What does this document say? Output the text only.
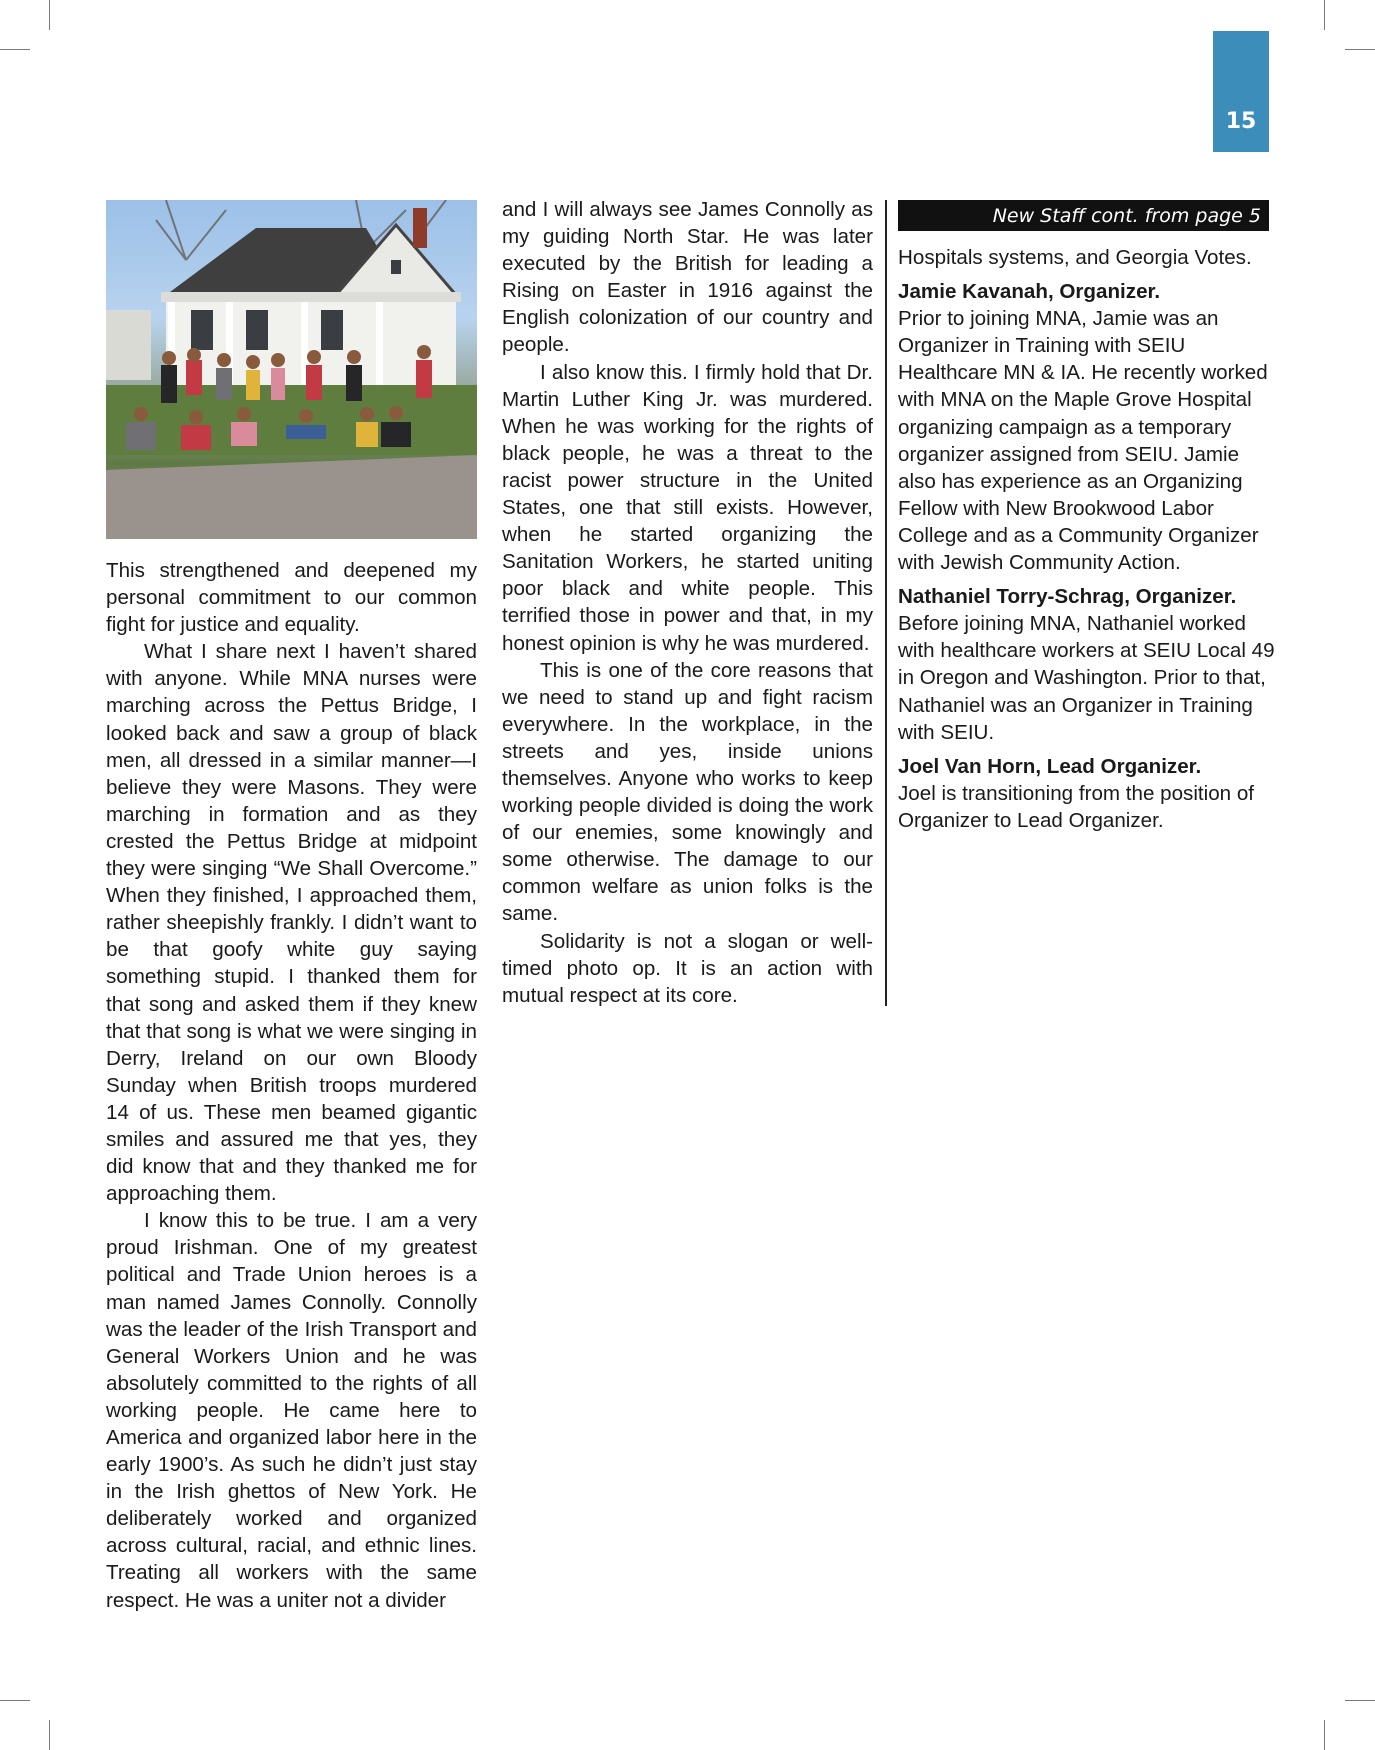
15

This strengthened and deepened my personal commitment to our common fight for justice and equality.

What I share next I haven’t shared with anyone. While MNA nurses were marching across the Pettus Bridge, I looked back and saw a group of black men, all dressed in a similar manner—I believe they were Masons. They were marching in formation and as they crested the Pettus Bridge at midpoint they were singing “We Shall Overcome.” When they finished, I approached them, rather sheepishly frankly. I didn’t want to be that goofy white guy saying something stupid. I thanked them for that song and asked them if they knew that that song is what we were singing in Derry, Ireland on our own Bloody Sunday when British troops murdered 14 of us. These men beamed gigantic smiles and assured me that yes, they did know that and they thanked me for approaching them.

I know this to be true. I am a very proud Irishman. One of my greatest political and Trade Union heroes is a man named James Connolly. Connolly was the leader of the Irish Transport and General Workers Union and he was absolutely committed to the rights of all working people. He came here to America and organized labor here in the early 1900’s. As such he didn’t just stay in the Irish ghettos of New York. He deliberately worked and organized across cultural, racial, and ethnic lines. Treating all workers with the same respect. He was a uniter not a divider

and I will always see James Connolly as my guiding North Star. He was later executed by the British for leading a Rising on Easter in 1916 against the English colonization of our country and people.

I also know this. I firmly hold that Dr. Martin Luther King Jr. was murdered. When he was working for the rights of black people, he was a threat to the racist power structure in the United States, one that still exists. However, when he started organizing the Sanitation Workers, he started uniting poor black and white people. This terrified those in power and that, in my honest opinion is why he was murdered.

This is one of the core reasons that we need to stand up and fight racism everywhere. In the workplace, in the streets and yes, inside unions themselves. Anyone who works to keep working people divided is doing the work of our enemies, some knowingly and some otherwise. The damage to our common welfare as union folks is the same.

Solidarity is not a slogan or well-timed photo op. It is an action with mutual respect at its core.

New Staff cont. from page 5

Hospitals systems, and Georgia Votes.

Jamie Kavanah, Organizer.
Prior to joining MNA, Jamie was an Organizer in Training with SEIU Healthcare MN & IA. He recently worked with MNA on the Maple Grove Hospital organizing campaign as a temporary organizer assigned from SEIU. Jamie also has experience as an Organizing Fellow with New Brookwood Labor College and as a Community Organizer with Jewish Community Action.

Nathaniel Torry-Schrag, Organizer.
Before joining MNA, Nathaniel worked with healthcare workers at SEIU Local 49 in Oregon and Washington. Prior to that, Nathaniel was an Organizer in Training with SEIU.

Joel Van Horn, Lead Organizer.
Joel is transitioning from the position of Organizer to Lead Organizer.
